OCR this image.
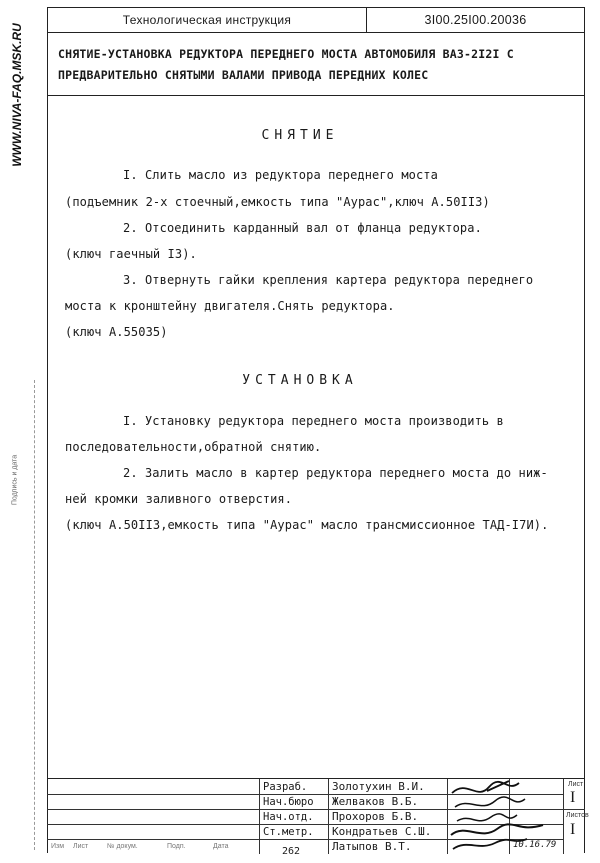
WWW.NIVA-FAQ.MSK.RU
Подпись и дата
Технологическая инструкция	3I00.25I00.20036
СНЯТИЕ-УСТАНОВКА РЕДУКТОРА ПЕРЕДНЕГО МОСТА АВТОМОБИЛЯ ВАЗ-2I2I С
ПРЕДВАРИТЕЛЬНО СНЯТЫМИ ВАЛАМИ ПРИВОДА ПЕРЕДНИХ КОЛЕС
СНЯТИЕ
I. Слить масло из редуктора переднего моста
(подъемник 2-х стоечный,емкость типа "Аурас",ключ А.50II3)
2. Отсоединить карданный вал от фланца редуктора.
(ключ гаечный I3).
3. Отвернуть гайки крепления картера редуктора переднего
моста к кронштейну двигателя.Снять редуктора.
(ключ А.55035)
УСТАНОВКА
I. Установку редуктора переднего моста производить в
последовательности,обратной снятию.
2. Залить масло в картер редуктора переднего моста до ниж-
ней кромки заливного отверстия.
(ключ А.50II3,емкость типа "Аурас" масло трансмиссионное ТАД-I7И).
Разраб. Золотухин В.И.
Нач.бюро Желваков В.Б.
Нач.отд. Прохоров Б.В.
Ст.метр. Кондратьев С.Ш.
Латыпов В.Т.	10.16.79
Лист
I
Листов
I
Изм Лист	№ докум.	Подп.	Дата	262
